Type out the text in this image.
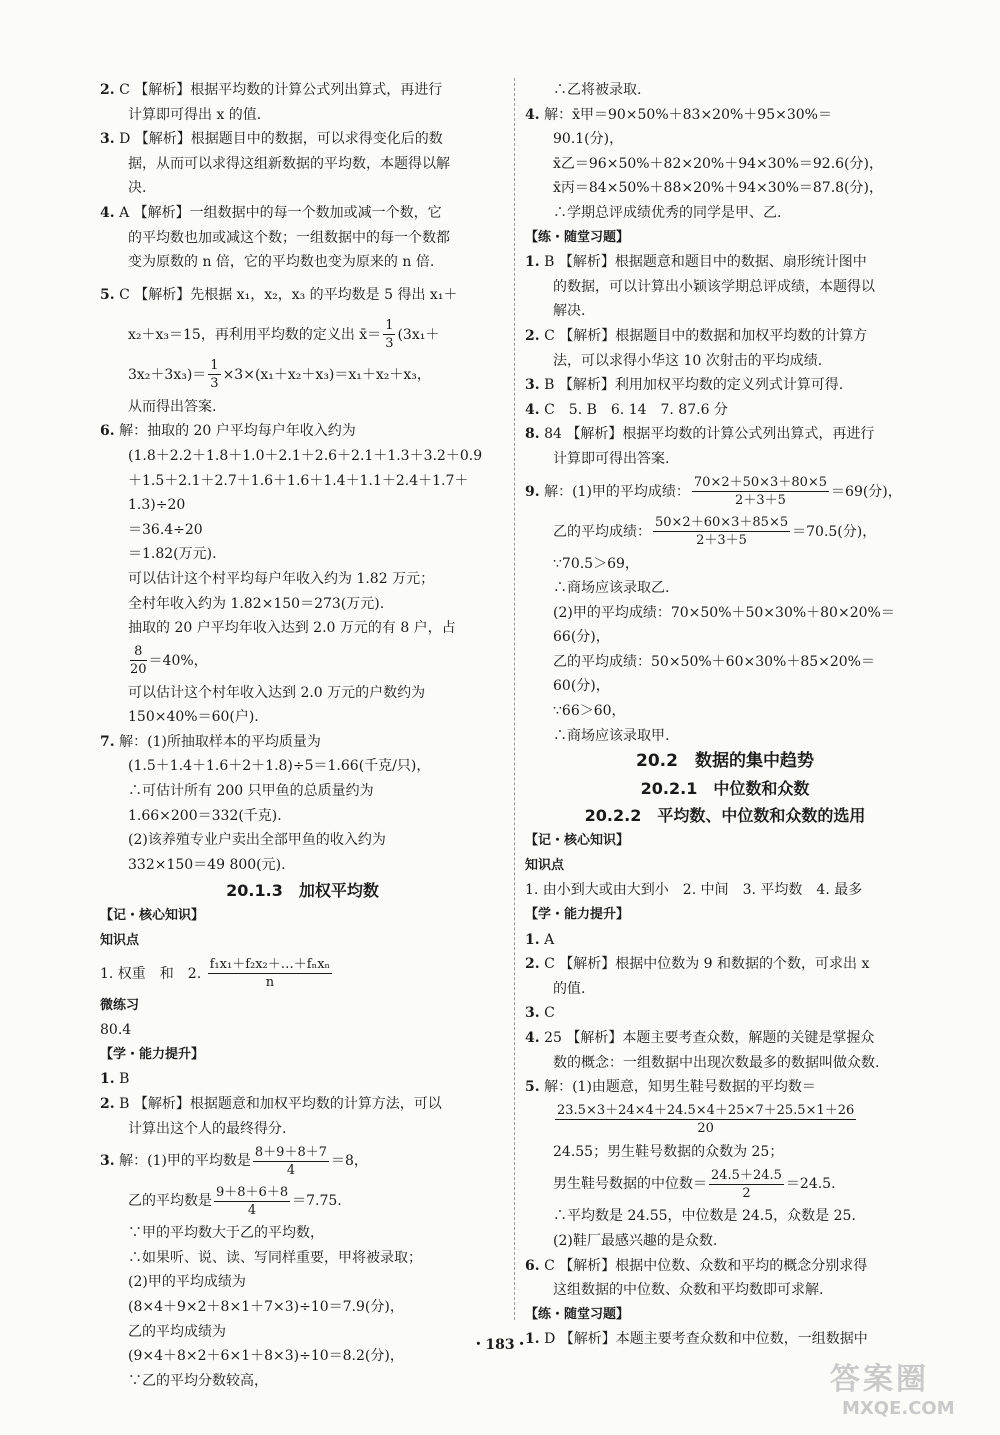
2. C 【解析】根据平均数的计算公式列出算式，再进行
计算即可得出 x 的值.
3. D 【解析】根据题目中的数据，可以求得变化后的数
据，从而可以求得这组新数据的平均数，本题得以解
决.
4. A 【解析】一组数据中的每一个数加或减一个数，它
的平均数也加或减这个数；一组数据中的每一个数都
变为原数的 n 倍，它的平均数也变为原来的 n 倍.
5. C 【解析】先根据 x₁，x₂，x₃ 的平均数是 5 得出 x₁＋
x₂＋x₃＝15，再利用平均数的定义出 x̄＝ $\frac{1}{3} (3x_1+$
$3x_2+3x_3)= \frac{1}{3} \times 3\times(x_1+x_2+x_3)=x_1+x_2+x_3$，
从而得出答案.
6. 解：抽取的 20 户平均每户年收入约为
(1.8＋2.2＋1.8＋1.0＋2.1＋2.6＋2.1＋1.3＋3.2＋0.9
＋1.5＋2.1＋2.7＋1.6＋1.6＋1.4＋1.1＋2.4＋1.7＋
1.3)÷20
＝36.4÷20
＝1.82(万元).
可以估计这个村平均每户年收入约为 1.82 万元；
全村年收入约为 1.82×150＝273(万元).
抽取的 20 户平均年收入达到 2.0 万元的有 8 户，占
$\frac{8}{20} =40\%$，
可以估计这个村年收入达到 2.0 万元的户数约为
150×40%＝60(户).
7. 解：(1)所抽取样本的平均质量为
(1.5＋1.4＋1.6＋2＋1.8)÷5＝1.66(千克/只)，
∴可估计所有 200 只甲鱼的总质量约为
1.66×200＝332(千克).
(2)该养殖专业户卖出全部甲鱼的收入约为
332×150＝49 800(元).
20.1.3　加权平均数
【记・核心知识】
知识点
1. 权重　和　2. $\frac{\text{f₁x₁＋f₂x₂＋…＋fₙxₙ}}{n}$
微练习
80.4
【学・能力提升】
1. B
2. B 【解析】根据题意和加权平均数的计算方法，可以
计算出这个人的最终得分.
3. 解：(1)甲的平均数是 $\frac{8+9+8+7}{4} =8$，
乙的平均数是 $\frac{9+8+6+8}{4} =7.75$.
∵甲的平均数大于乙的平均数，
∴如果听、说、读、写同样重要，甲将被录取；
(2)甲的平均成绩为
(8×4＋9×2＋8×1＋7×3)÷10＝7.9(分)，
乙的平均成绩为
(9×4＋8×2＋6×1＋8×3)÷10＝8.2(分)，
∵乙的平均分数较高，
∴乙将被录取.
4. 解：x̄甲＝90×50%＋83×20%＋95×30%＝
90.1(分)，
x̄乙＝96×50%＋82×20%＋94×30%＝92.6(分)，
x̄丙＝84×50%＋88×20%＋94×30%＝87.8(分)，
∴学期总评成绩优秀的同学是甲、乙.
【练・随堂习题】
1. B 【解析】根据题意和题目中的数据、扇形统计图中
的数据，可以计算出小颖该学期总评成绩，本题得以
解决.
2. C 【解析】根据题目中的数据和加权平均数的计算方
法，可以求得小华这 10 次射击的平均成绩.
3. B 【解析】利用加权平均数的定义列式计算可得.
4. C　5. B　6. 14　7. 87.6 分
8. 84 【解析】根据平均数的计算公式列出算式，再进行
计算即可得出答案.
9. 解：(1)甲的平均成绩： $\frac{70\times 2+50\times 3+80\times 5}{2+3+5} =69$(分)，
乙的平均成绩： $\frac{50\times 2+60\times 3+85\times 5}{2+3+5} =70.5$(分)，
∵70.5＞69，
∴商场应该录取乙.
(2)甲的平均成绩：70×50%＋50×30%＋80×20%＝
66(分)，
乙的平均成绩：50×50%＋60×30%＋85×20%＝
60(分)，
∵66＞60，
∴商场应该录取甲.
20.2　数据的集中趋势
20.2.1　中位数和众数
20.2.2　平均数、中位数和众数的选用
【记・核心知识】
知识点
1. 由小到大或由大到小　2. 中间　3. 平均数　4. 最多
【学・能力提升】
1. A
2. C 【解析】根据中位数为 9 和数据的个数，可求出 x
的值.
3. C
4. 25 【解析】本题主要考查众数，解题的关键是掌握众
数的概念：一组数据中出现次数最多的数据叫做众数.
5. 解：(1)由题意，知男生鞋号数据的平均数＝
$\frac{23.5\times 3+24\times 4+24.5\times 4+25\times 7+25.5\times 1+26}{20}$
24.55；男生鞋号数据的众数为 25；
男生鞋号数据的中位数＝ $\frac{24.5+24.5}{2} =24.5$.
∴平均数是 24.55，中位数是 24.5，众数是 25.
(2)鞋厂最感兴趣的是众数.
6. C 【解析】根据中位数、众数和平均的概念分别求得
这组数据的中位数、众数和平均数即可求解.
【练・随堂习题】
1. D 【解析】本题主要考查众数和中位数，一组数据中
・183・
答案圈
MXQE.COM
